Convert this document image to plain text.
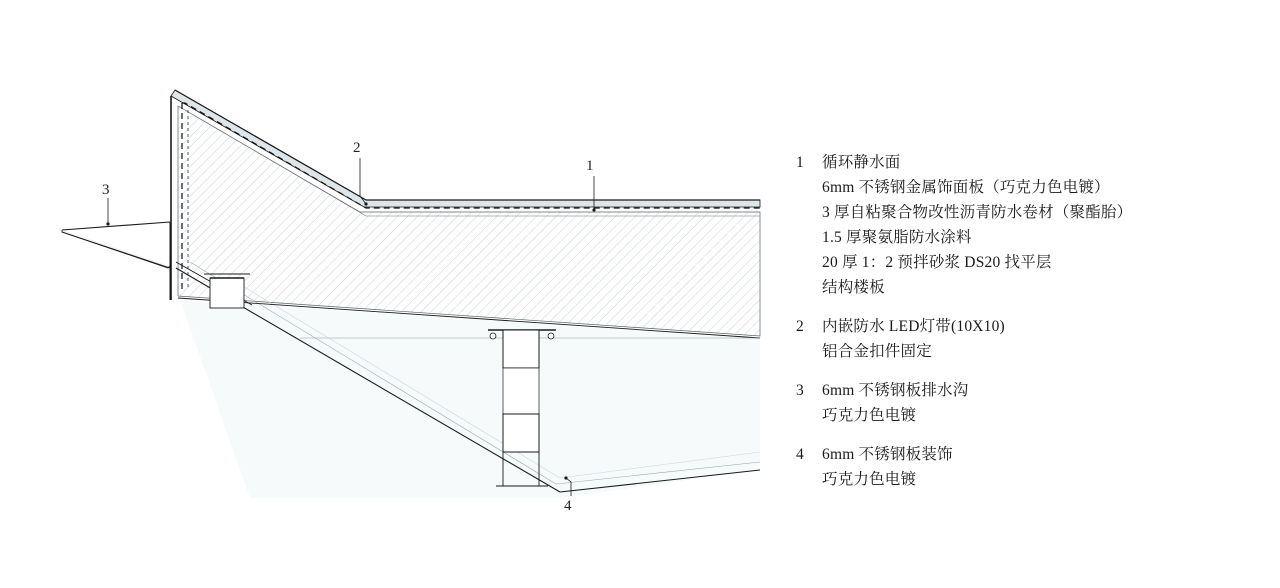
1
2
3
4
1	循环静水面
6mm 不锈钢金属饰面板（巧克力色电镀）
3 厚自粘聚合物改性沥青防水卷材（聚酯胎）
1.5 厚聚氨脂防水涂料
20 厚 1：2 预拌砂浆 DS20 找平层
结构楼板
2	内嵌防水 LED灯带(10X10)
铝合金扣件固定
3	6mm 不锈钢板排水沟
巧克力色电镀
4	6mm 不锈钢板装饰
巧克力色电镀
